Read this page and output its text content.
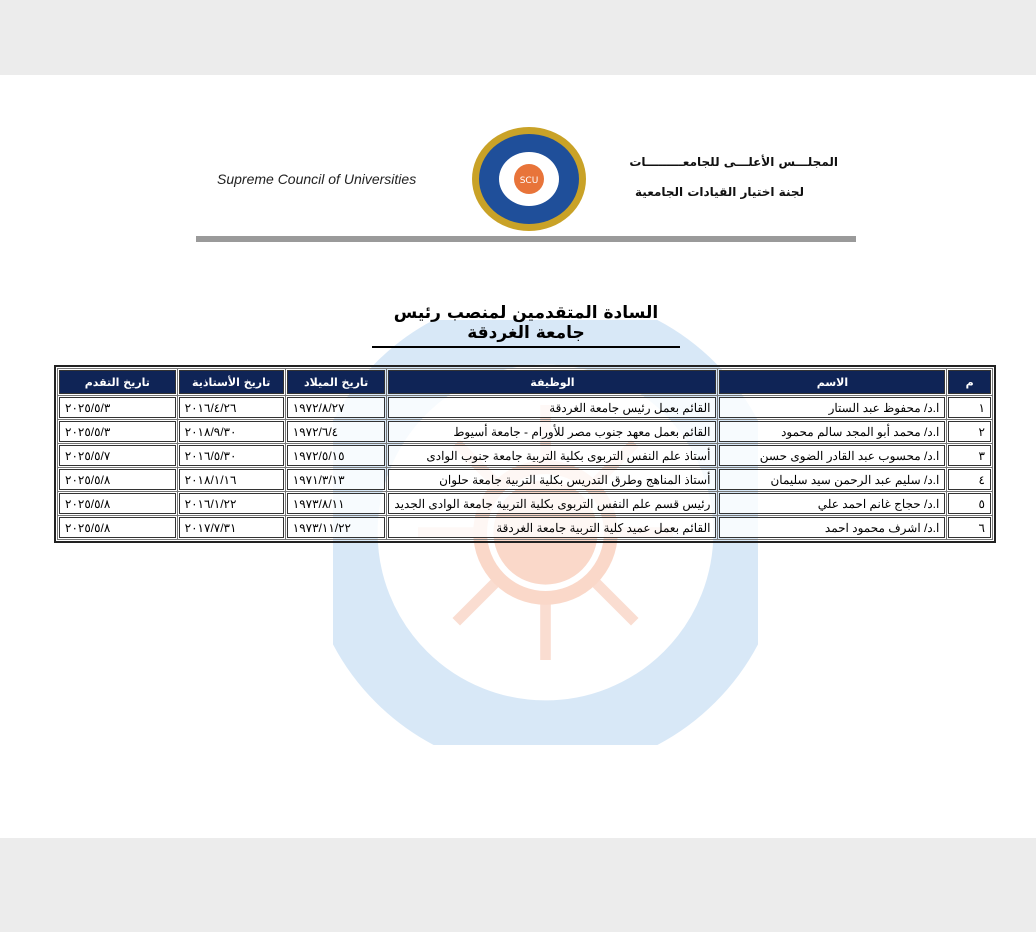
Supreme Council of Universities	SCU
المجلـــس الأعلـــى للجامعـــــــــات
لجنة اختيار القيادات الجامعية
السادة المتقدمين لمنصب رئيس جامعة الغردقة
م	الاسم	الوظيفة	تاريخ الميلاد	تاريخ الأستاذية	تاريخ التقدم
١	ا.د/ محفوظ عبد الستار	القائم بعمل رئيس جامعة الغردقة	١٩٧٢/٨/٢٧	٢٠١٦/٤/٢٦	٢٠٢٥/٥/٣
٢	ا.د/ محمد أبو المجد سالم محمود	القائم بعمل معهد جنوب مصر للأورام - جامعة أسيوط	١٩٧٢/٦/٤	٢٠١٨/٩/٣٠	٢٠٢٥/٥/٣
٣	ا.د/ محسوب عبد القادر الضوى حسن	أستاذ علم النفس التربوى بكلية التربية جامعة جنوب الوادى	١٩٧٢/٥/١٥	٢٠١٦/٥/٣٠	٢٠٢٥/٥/٧
٤	ا.د/ سليم عبد الرحمن سيد سليمان	أستاذ المناهج وطرق التدريس بكلية التربية جامعة حلوان	١٩٧١/٣/١٣	٢٠١٨/١/١٦	٢٠٢٥/٥/٨
٥	ا.د/ حجاج غانم احمد علي	رئيس قسم علم النفس التربوى بكلية التربية جامعة الوادى الجديد	١٩٧٣/٨/١١	٢٠١٦/١/٢٢	٢٠٢٥/٥/٨
٦	ا.د/ اشرف محمود احمد	القائم بعمل عميد كلية التربية جامعة الغردقة	١٩٧٣/١١/٢٢	٢٠١٧/٧/٣١	٢٠٢٥/٥/٨
